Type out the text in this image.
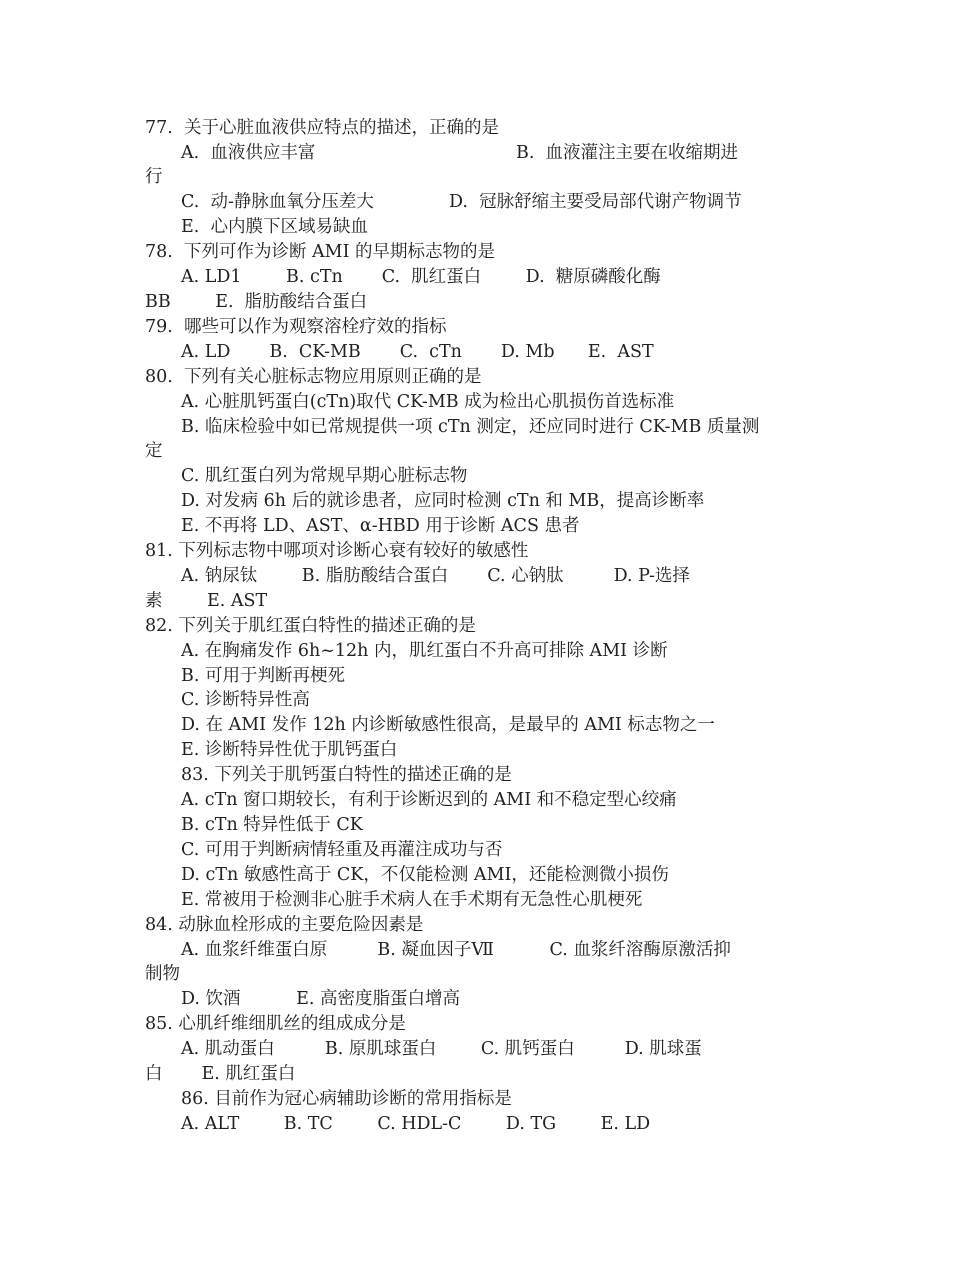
77.  关于心脏血液供应特点的描述，正确的是
A.  血液供应丰富	B.  血液灌注主要在收缩期进
行
C.  动-静脉血氧分压差大	D.  冠脉舒缩主要受局部代谢产物调节
E.  心内膜下区域易缺血
78.  下列可作为诊断 AMI 的早期标志物的是
A. LD1        B. cTn       C.  肌红蛋白        D.  糖原磷酸化酶
BB        E.  脂肪酸结合蛋白
79.  哪些可以作为观察溶栓疗效的指标
A. LD       B.  CK-MB       C.  cTn       D. Mb      E.  AST
80.  下列有关心脏标志物应用原则正确的是
A. 心脏肌钙蛋白(cTn)取代 CK-MB 成为检出心肌损伤首选标准
B. 临床检验中如已常规提供一项 cTn 测定，还应同时进行 CK-MB 质量测
定
C. 肌红蛋白列为常规早期心脏标志物
D. 对发病 6h 后的就诊患者，应同时检测 cTn 和 MB，提高诊断率
E. 不再将 LD、AST、α-HBD 用于诊断 ACS 患者
81. 下列标志物中哪项对诊断心衰有较好的敏感性
A. 钠尿钛        B. 脂肪酸结合蛋白       C. 心钠肽         D. P-选择
素        E. AST
82. 下列关于肌红蛋白特性的描述正确的是
A. 在胸痛发作 6h~12h 内，肌红蛋白不升高可排除 AMI 诊断
B. 可用于判断再梗死
C. 诊断特异性高
D. 在 AMI 发作 12h 内诊断敏感性很高，是最早的 AMI 标志物之一
E. 诊断特异性优于肌钙蛋白
83. 下列关于肌钙蛋白特性的描述正确的是
A. cTn 窗口期较长，有利于诊断迟到的 AMI 和不稳定型心绞痛
B. cTn 特异性低于 CK
C. 可用于判断病情轻重及再灌注成功与否
D. cTn 敏感性高于 CK，不仅能检测 AMI，还能检测微小损伤
E. 常被用于检测非心脏手术病人在手术期有无急性心肌梗死
84. 动脉血栓形成的主要危险因素是
A. 血浆纤维蛋白原         B. 凝血因子Ⅶ          C. 血浆纤溶酶原激活抑
制物
D. 饮酒          E. 高密度脂蛋白增高
85. 心肌纤维细肌丝的组成成分是
A. 肌动蛋白         B. 原肌球蛋白        C. 肌钙蛋白         D. 肌球蛋
白       E. 肌红蛋白
86. 目前作为冠心病辅助诊断的常用指标是
A. ALT        B. TC        C. HDL-C        D. TG        E. LD
